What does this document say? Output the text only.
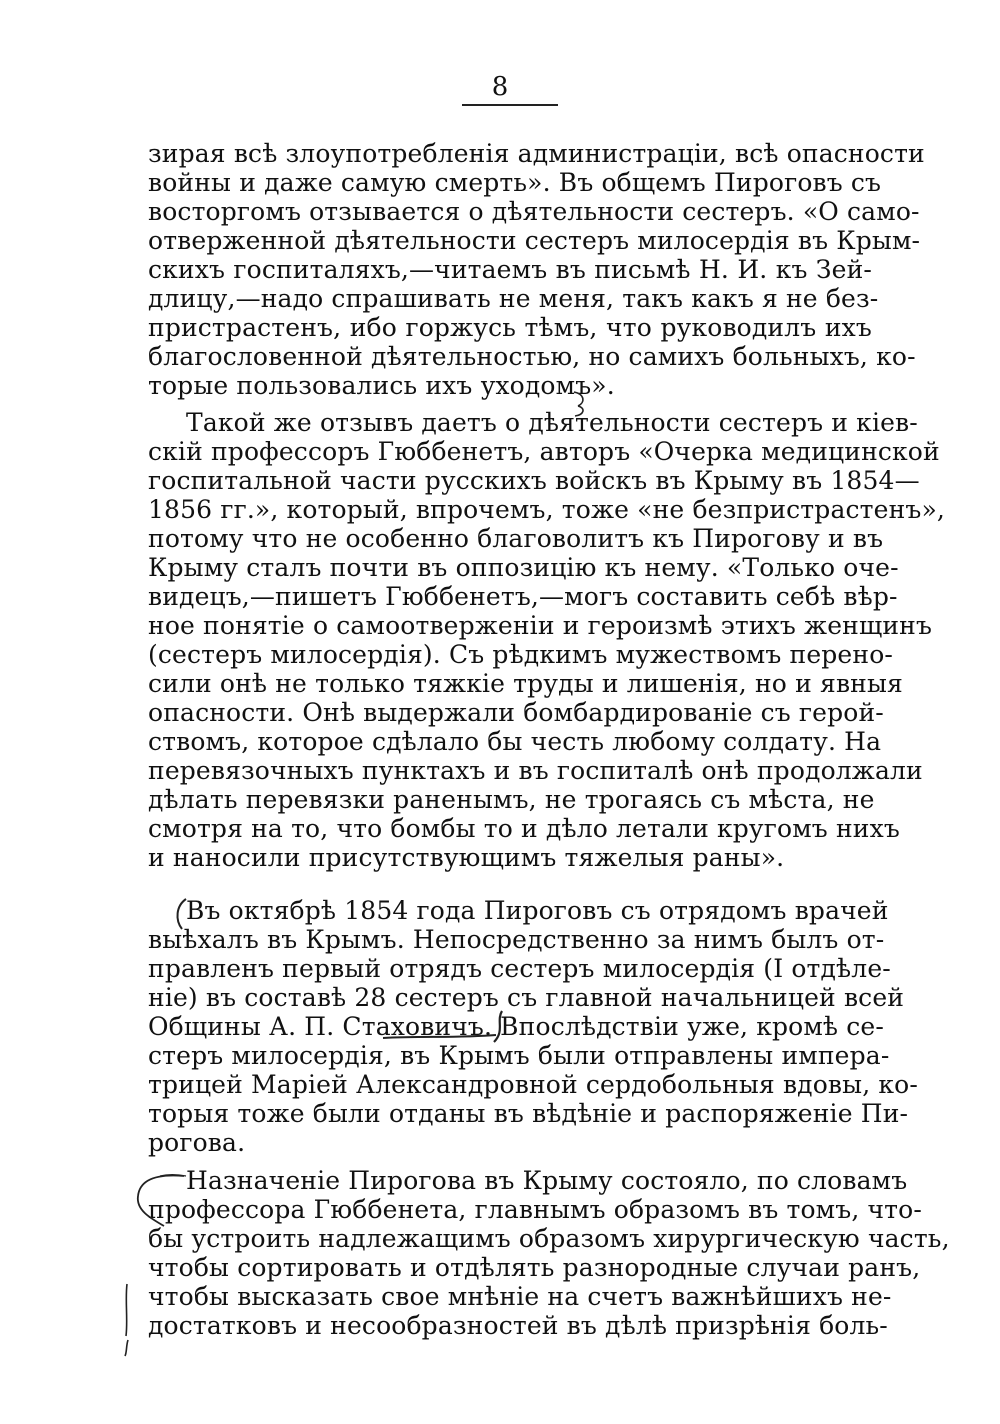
8
зирая всѣ злоупотребленія администраціи, всѣ опасности
войны и даже самую смерть». Въ общемъ Пироговъ съ
восторгомъ отзывается о дѣятельности сестеръ. «О само-
отверженной дѣятельности сестеръ милосердія въ Крым-
скихъ госпиталяхъ,—читаемъ въ письмѣ Н. И. къ Зей-
длицу,—надо спрашивать не меня, такъ какъ я не без-
пристрастенъ, ибо горжусь тѣмъ, что руководилъ ихъ
благословенной дѣятельностью, но самихъ больныхъ, ко-
торые пользовались ихъ уходомъ».
Такой же отзывъ даетъ о дѣятельности сестеръ и кіев-
скій профессоръ Гюббенетъ, авторъ «Очерка медицинской
госпитальной части русскихъ войскъ въ Крыму въ 1854—
1856 гг.», который, впрочемъ, тоже «не безпристрастенъ»,
потому что не особенно благоволитъ къ Пирогову и въ
Крыму сталъ почти въ оппозицію къ нему. «Только оче-
видецъ,—пишетъ Гюббенетъ,—могъ составить себѣ вѣр-
ное понятіе о самоотверженіи и героизмѣ этихъ женщинъ
(сестеръ милосердія). Съ рѣдкимъ мужествомъ перено-
сили онѣ не только тяжкіе труды и лишенія, но и явныя
опасности. Онѣ выдержали бомбардированіе съ герой-
ствомъ, которое сдѣлало бы честь любому солдату. На
перевязочныхъ пунктахъ и въ госпиталѣ онѣ продолжали
дѣлать перевязки раненымъ, не трогаясь съ мѣста, не
смотря на то, что бомбы то и дѣло летали кругомъ нихъ
и наносили присутствующимъ тяжелыя раны».
Въ октябрѣ 1854 года Пироговъ съ отрядомъ врачей
выѣхалъ въ Крымъ. Непосредственно за нимъ былъ от-
правленъ первый отрядъ сестеръ милосердія (I отдѣле-
ніе) въ составѣ 28 сестеръ съ главной начальницей всей
Общины А. П. Стаховичъ. Впослѣдствіи уже, кромѣ се-
стеръ милосердія, въ Крымъ были отправлены импера-
трицей Маріей Александровной сердобольныя вдовы, ко-
торыя тоже были отданы въ вѣдѣніе и распоряженіе Пи-
рогова.
Назначеніе Пирогова въ Крыму состояло, по словамъ
профессора Гюббенета, главнымъ образомъ въ томъ, что-
бы устроить надлежащимъ образомъ хирургическую часть,
чтобы сортировать и отдѣлять разнородные случаи ранъ,
чтобы высказать свое мнѣніе на счетъ важнѣйшихъ не-
достатковъ и несообразностей въ дѣлѣ призрѣнія боль-
